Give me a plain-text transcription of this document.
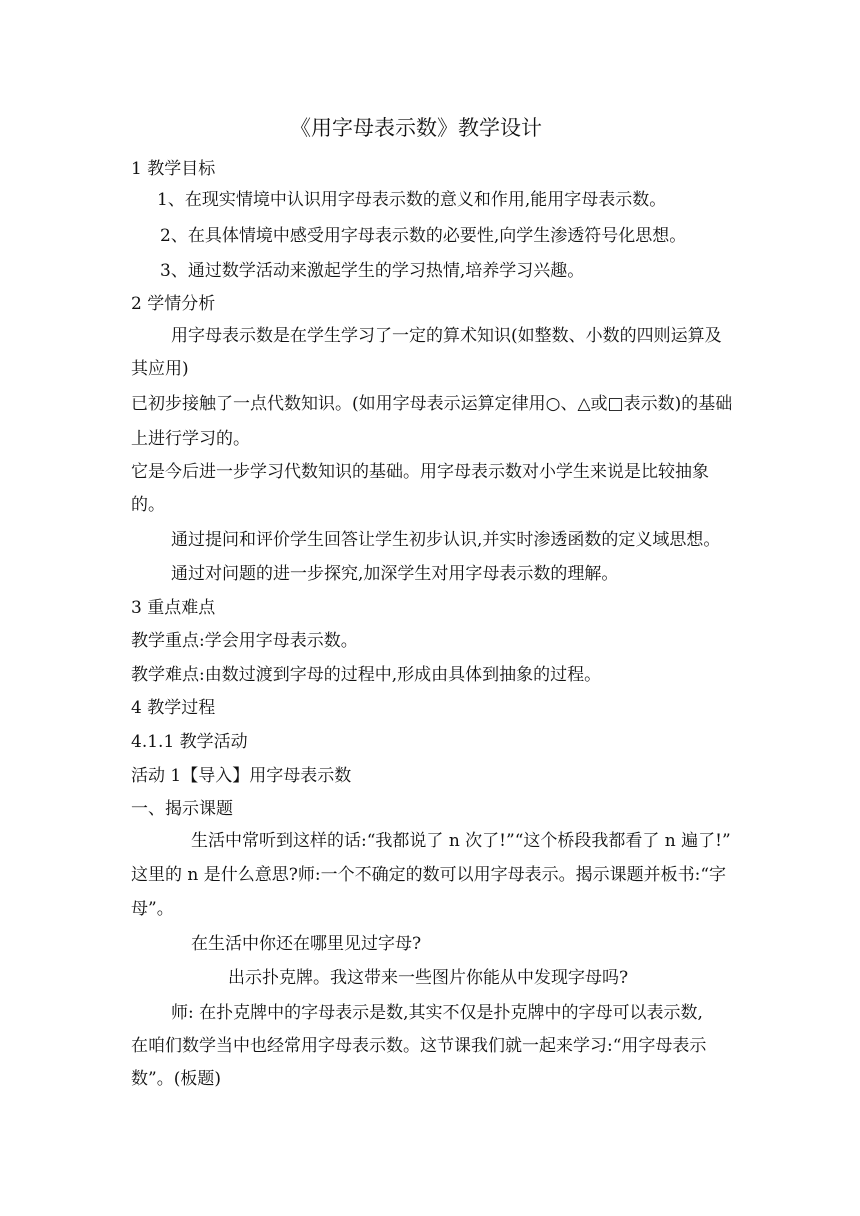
《用字母表示数》教学设计
1 教学目标
1、在现实情境中认识用字母表示数的意义和作用,能用字母表示数。
2、在具体情境中感受用字母表示数的必要性,向学生渗透符号化思想。
3、通过数学活动来激起学生的学习热情,培养学习兴趣。
2 学情分析
用字母表示数是在学生学习了一定的算术知识(如整数、小数的四则运算及
其应用)
已初步接触了一点代数知识。(如用字母表示运算定律用○、△或□表示数)的基础
上进行学习的。
它是今后进一步学习代数知识的基础。用字母表示数对小学生来说是比较抽象
的。
通过提问和评价学生回答让学生初步认识,并实时渗透函数的定义域思想。
通过对问题的进一步探究,加深学生对用字母表示数的理解。
3 重点难点
教学重点:学会用字母表示数。
教学难点:由数过渡到字母的过程中,形成由具体到抽象的过程。
4 教学过程
4.1.1 教学活动
活动 1【导入】用字母表示数
一、揭示课题
生活中常听到这样的话:“我都说了 n 次了!”“这个桥段我都看了 n 遍了!”
这里的 n 是什么意思?师:一个不确定的数可以用字母表示。揭示课题并板书:“字
母”。
在生活中你还在哪里见过字母?
出示扑克牌。我这带来一些图片你能从中发现字母吗?
师: 在扑克牌中的字母表示是数,其实不仅是扑克牌中的字母可以表示数,
在咱们数学当中也经常用字母表示数。这节课我们就一起来学习:“用字母表示
数”。(板题)
